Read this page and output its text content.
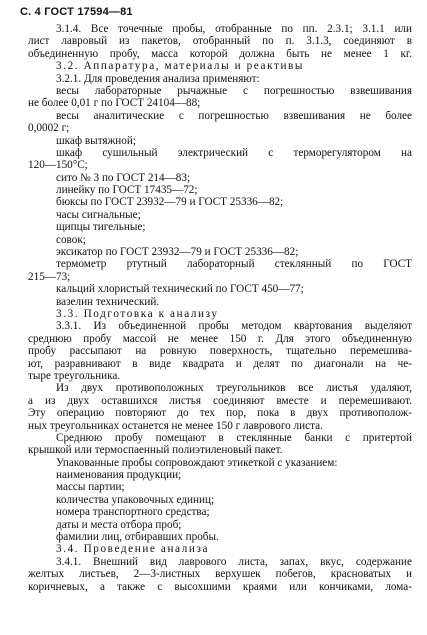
С. 4 ГОСТ 17594—81
3.1.4. Все точечные пробы, отобранные по пп. 2.3.1; 3.1.1 или
лист лавровый из пакетов, отобранный по п. 3.1.3, соединяют в
объединенную пробу, масса которой должна быть не менее 1 кг.
3.2. Аппаратура, материалы и реактивы
3.2.1. Для проведения анализа применяют:
весы лабораторные рычажные с погрешностью взвешивания
не более 0,01 г по ГОСТ 24104—88;
весы аналитические с погрешностью взвешивания не более
0,0002 г;
шкаф вытяжной;
шкаф сушильный электрический с терморегулятором на
120—150°С;
сито № 3 по ГОСТ 214—83;
линейку по ГОСТ 17435—72;
бюксы по ГОСТ 23932—79 и ГОСТ 25336—82;
часы сигнальные;
щипцы тигельные;
совок;
эксикатор по ГОСТ 23932—79 и ГОСТ 25336—82;
термометр ртутный лабораторный стеклянный по ГОСТ
215—73;
кальций хлористый технический по ГОСТ 450—77;
вазелин технический.
3.3. Подготовка к анализу
3.3.1. Из объединенной пробы методом квартования выделяют
среднюю пробу массой не менее 150 г. Для этого объединенную
пробу рассыпают на ровную поверхность, тщательно перемешива-
ют, разравнивают в виде квадрата и делят по диагонали на че-
тыре треугольника.
Из двух противоположных треугольников все листья удаляют,
а из двух оставшихся листья соединяют вместе и перемешивают.
Эту операцию повторяют до тех пор, пока в двух противополож-
ных треугольниках останется не менее 150 г лаврового листа.
Среднюю пробу помещают в стеклянные банки с притертой
крышкой или термоспаенный полиэтиленовый пакет.
Упакованные пробы сопровождают этикеткой с указанием:
наименования продукции;
массы партии;
количества упаковочных единиц;
номера транспортного средства;
даты и места отбора проб;
фамилии лиц, отбиравших пробы.
3.4. Проведение анализа
3.4.1. Внешний вид лаврового листа, запах, вкус, содержание
желтых листьев, 2—3-листных верхушек побегов, красноватых и
коричневых, а также с высохшими краями или кончиками, лома-
